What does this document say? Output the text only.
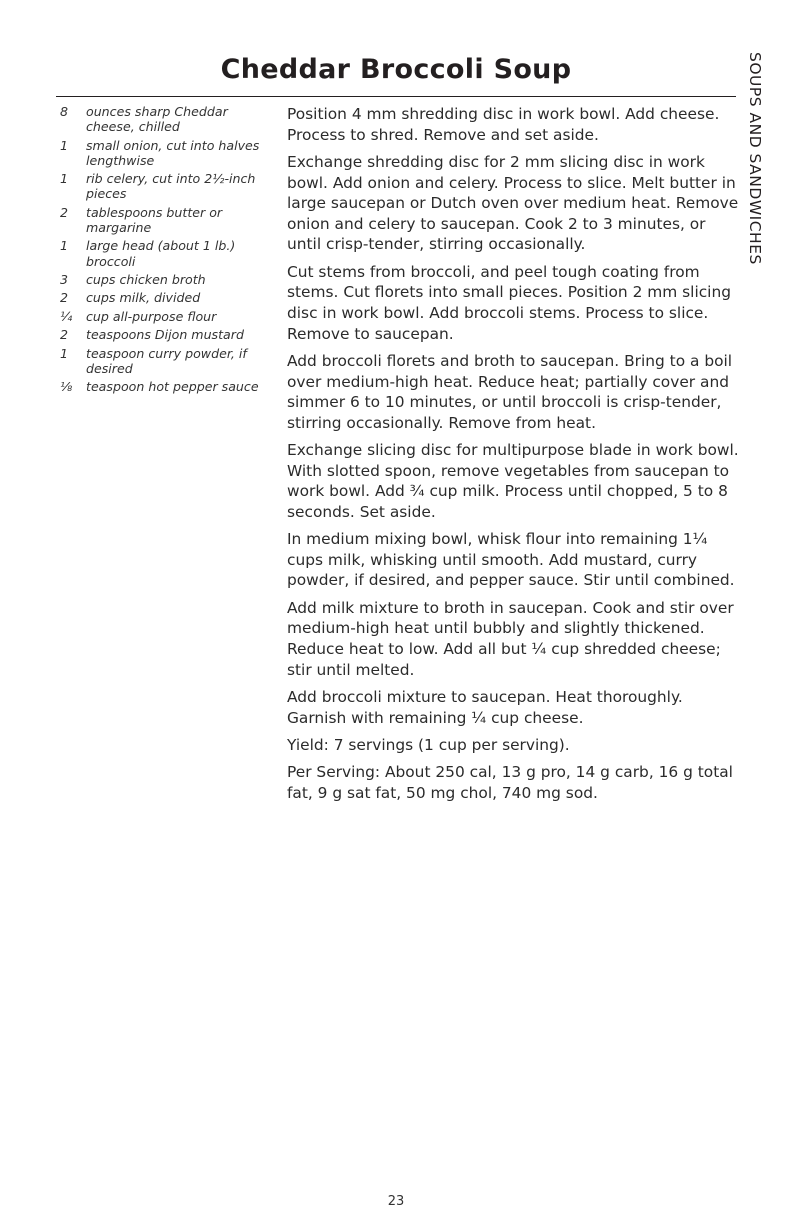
Cheddar Broccoli Soup	SOUPS AND SANDWICHES
8	ounces sharp Cheddar cheese, chilled
1	small onion, cut into halves lengthwise
1	rib celery, cut into 2½-inch pieces
2	tablespoons butter or margarine
1	large head (about 1 lb.) broccoli
3	cups chicken broth
2	cups milk, divided
¼	cup all-purpose flour
2	teaspoons Dijon mustard
1	teaspoon curry powder, if desired
⅛	teaspoon hot pepper sauce

Position 4 mm shredding disc in work bowl. Add cheese. Process to shred. Remove and set aside.

Exchange shredding disc for 2 mm slicing disc in work bowl. Add onion and celery. Process to slice. Melt butter in large saucepan or Dutch oven over medium heat. Remove onion and celery to saucepan. Cook 2 to 3 minutes, or until crisp-tender, stirring occasionally.

Cut stems from broccoli, and peel tough coating from stems. Cut florets into small pieces. Position 2 mm slicing disc in work bowl. Add broccoli stems. Process to slice. Remove to saucepan.

Add broccoli florets and broth to saucepan. Bring to a boil over medium-high heat. Reduce heat; partially cover and simmer 6 to 10 minutes, or until broccoli is crisp-tender, stirring occasionally. Remove from heat.

Exchange slicing disc for multipurpose blade in work bowl. With slotted spoon, remove vegetables from saucepan to work bowl. Add ¾ cup milk. Process until chopped, 5 to 8 seconds. Set aside.

In medium mixing bowl, whisk flour into remaining 1¼ cups milk, whisking until smooth. Add mustard, curry powder, if desired, and pepper sauce. Stir until combined.

Add milk mixture to broth in saucepan. Cook and stir over medium-high heat until bubbly and slightly thickened. Reduce heat to low. Add all but ¼ cup shredded cheese; stir until melted.

Add broccoli mixture to saucepan. Heat thoroughly. Garnish with remaining ¼ cup cheese.

Yield: 7 servings (1 cup per serving).

Per Serving: About 250 cal, 13 g pro, 14 g carb, 16 g total fat, 9 g sat fat, 50 mg chol, 740 mg sod.

23
